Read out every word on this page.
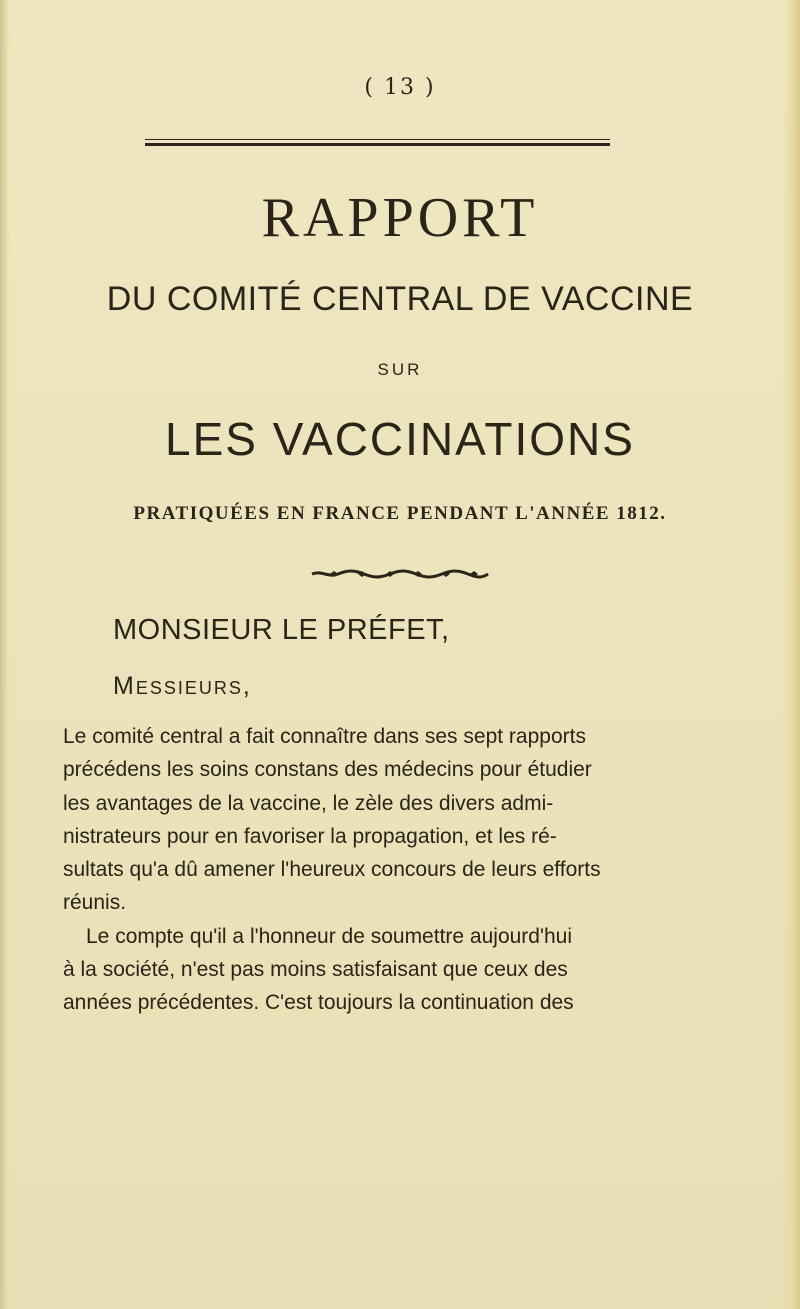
( 13 )
RAPPORT
DU COMITÉ CENTRAL DE VACCINE
SUR
LES VACCINATIONS
PRATIQUÉES EN FRANCE PENDANT L'ANNÉE 1812.
MONSIEUR LE PRÉFET,
Messieurs,
Le comité central a fait connaître dans ses sept rapports
précédens les soins constans des médecins pour étudier
les avantages de la vaccine, le zèle des divers admi-
nistrateurs pour en favoriser la propagation, et les ré-
sultats qu'a dû amener l'heureux concours de leurs efforts
réunis.
Le compte qu'il a l'honneur de soumettre aujourd'hui
à la société, n'est pas moins satisfaisant que ceux des
années précédentes. C'est toujours la continuation des
